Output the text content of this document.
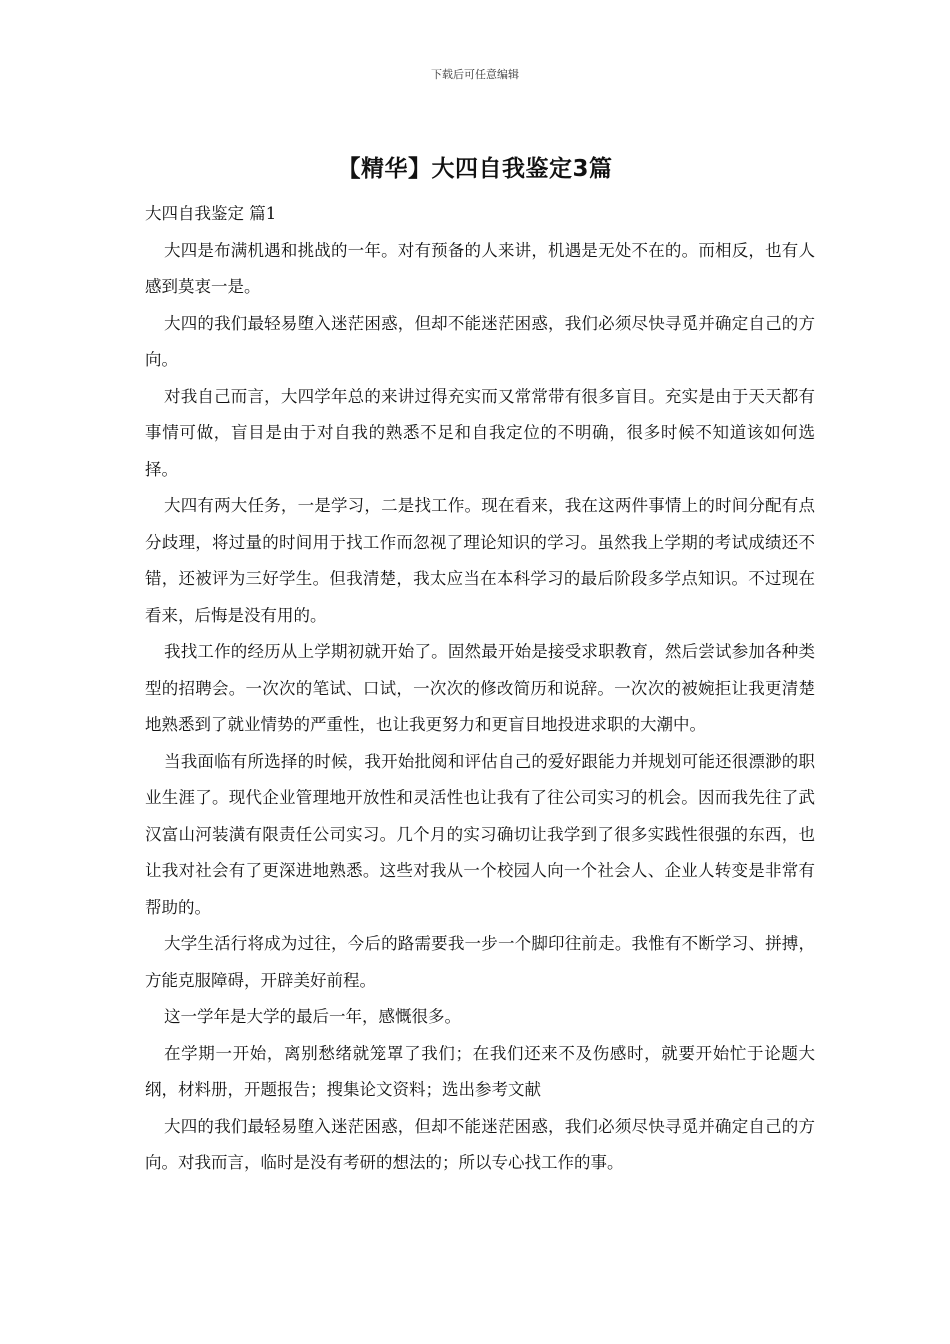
下载后可任意编辑
【精华】大四自我鉴定3篇

大四自我鉴定 篇1

大四是布满机遇和挑战的一年。对有预备的人来讲，机遇是无处不在的。而相反，也有人感到莫衷一是。

大四的我们最轻易堕入迷茫困惑，但却不能迷茫困惑，我们必须尽快寻觅并确定自己的方向。

对我自己而言，大四学年总的来讲过得充实而又常常带有很多盲目。充实是由于天天都有事情可做，盲目是由于对自我的熟悉不足和自我定位的不明确，很多时候不知道该如何选择。

大四有两大任务，一是学习，二是找工作。现在看来，我在这两件事情上的时间分配有点分歧理，将过量的时间用于找工作而忽视了理论知识的学习。虽然我上学期的考试成绩还不错，还被评为三好学生。但我清楚，我太应当在本科学习的最后阶段多学点知识。不过现在看来，后悔是没有用的。

我找工作的经历从上学期初就开始了。固然最开始是接受求职教育，然后尝试参加各种类型的招聘会。一次次的笔试、口试，一次次的修改简历和说辞。一次次的被婉拒让我更清楚地熟悉到了就业情势的严重性，也让我更努力和更盲目地投进求职的大潮中。

当我面临有所选择的时候，我开始批阅和评估自己的爱好跟能力并规划可能还很漂渺的职业生涯了。现代企业管理地开放性和灵活性也让我有了往公司实习的机会。因而我先往了武汉富山河装潢有限责任公司实习。几个月的实习确切让我学到了很多实践性很强的东西，也让我对社会有了更深进地熟悉。这些对我从一个校园人向一个社会人、企业人转变是非常有帮助的。

大学生活行将成为过往，今后的路需要我一步一个脚印往前走。我惟有不断学习、拼搏，方能克服障碍，开辟美好前程。

这一学年是大学的最后一年，感慨很多。

在学期一开始，离别愁绪就笼罩了我们；在我们还来不及伤感时，就要开始忙于论题大纲，材料册，开题报告；搜集论文资料；选出参考文献

大四的我们最轻易堕入迷茫困惑，但却不能迷茫困惑，我们必须尽快寻觅并确定自己的方向。对我而言，临时是没有考研的想法的；所以专心找工作的事。
